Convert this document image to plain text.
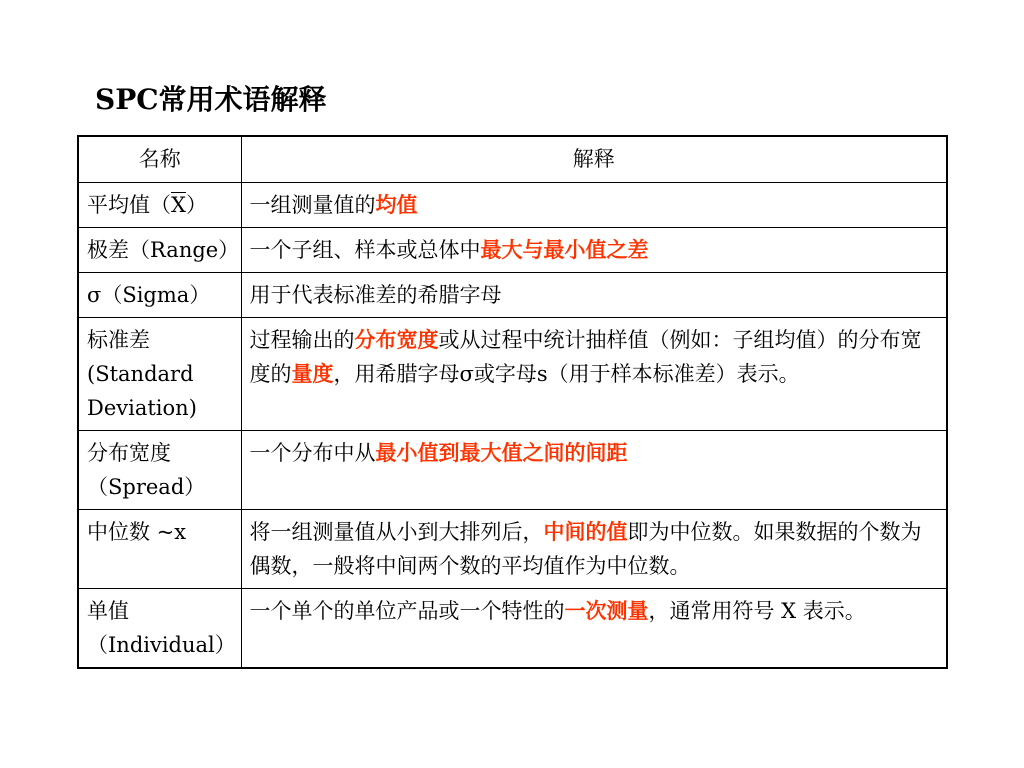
SPC常用术语解释
名称	解释
平均值（X）	一组测量值的均值
极差（Range）	一个子组、样本或总体中最大与最小值之差
σ（Sigma）	用于代表标准差的希腊字母

标准差
(Standard
Deviation)	过程输出的分布宽度或从过程中统计抽样值（例如：子组均值）的分布宽度的量度，用希腊字母σ或字母s（用于样本标准差）表示。

分布宽度
（Spread）	一个分布中从最小值到最大值之间的间距
中位数 ~x	将一组测量值从小到大排列后，中间的值即为中位数。如果数据的个数为偶数，一般将中间两个数的平均值作为中位数。

单值
（Individual）	一个单个的单位产品或一个特性的一次测量，通常用符号 X 表示。
